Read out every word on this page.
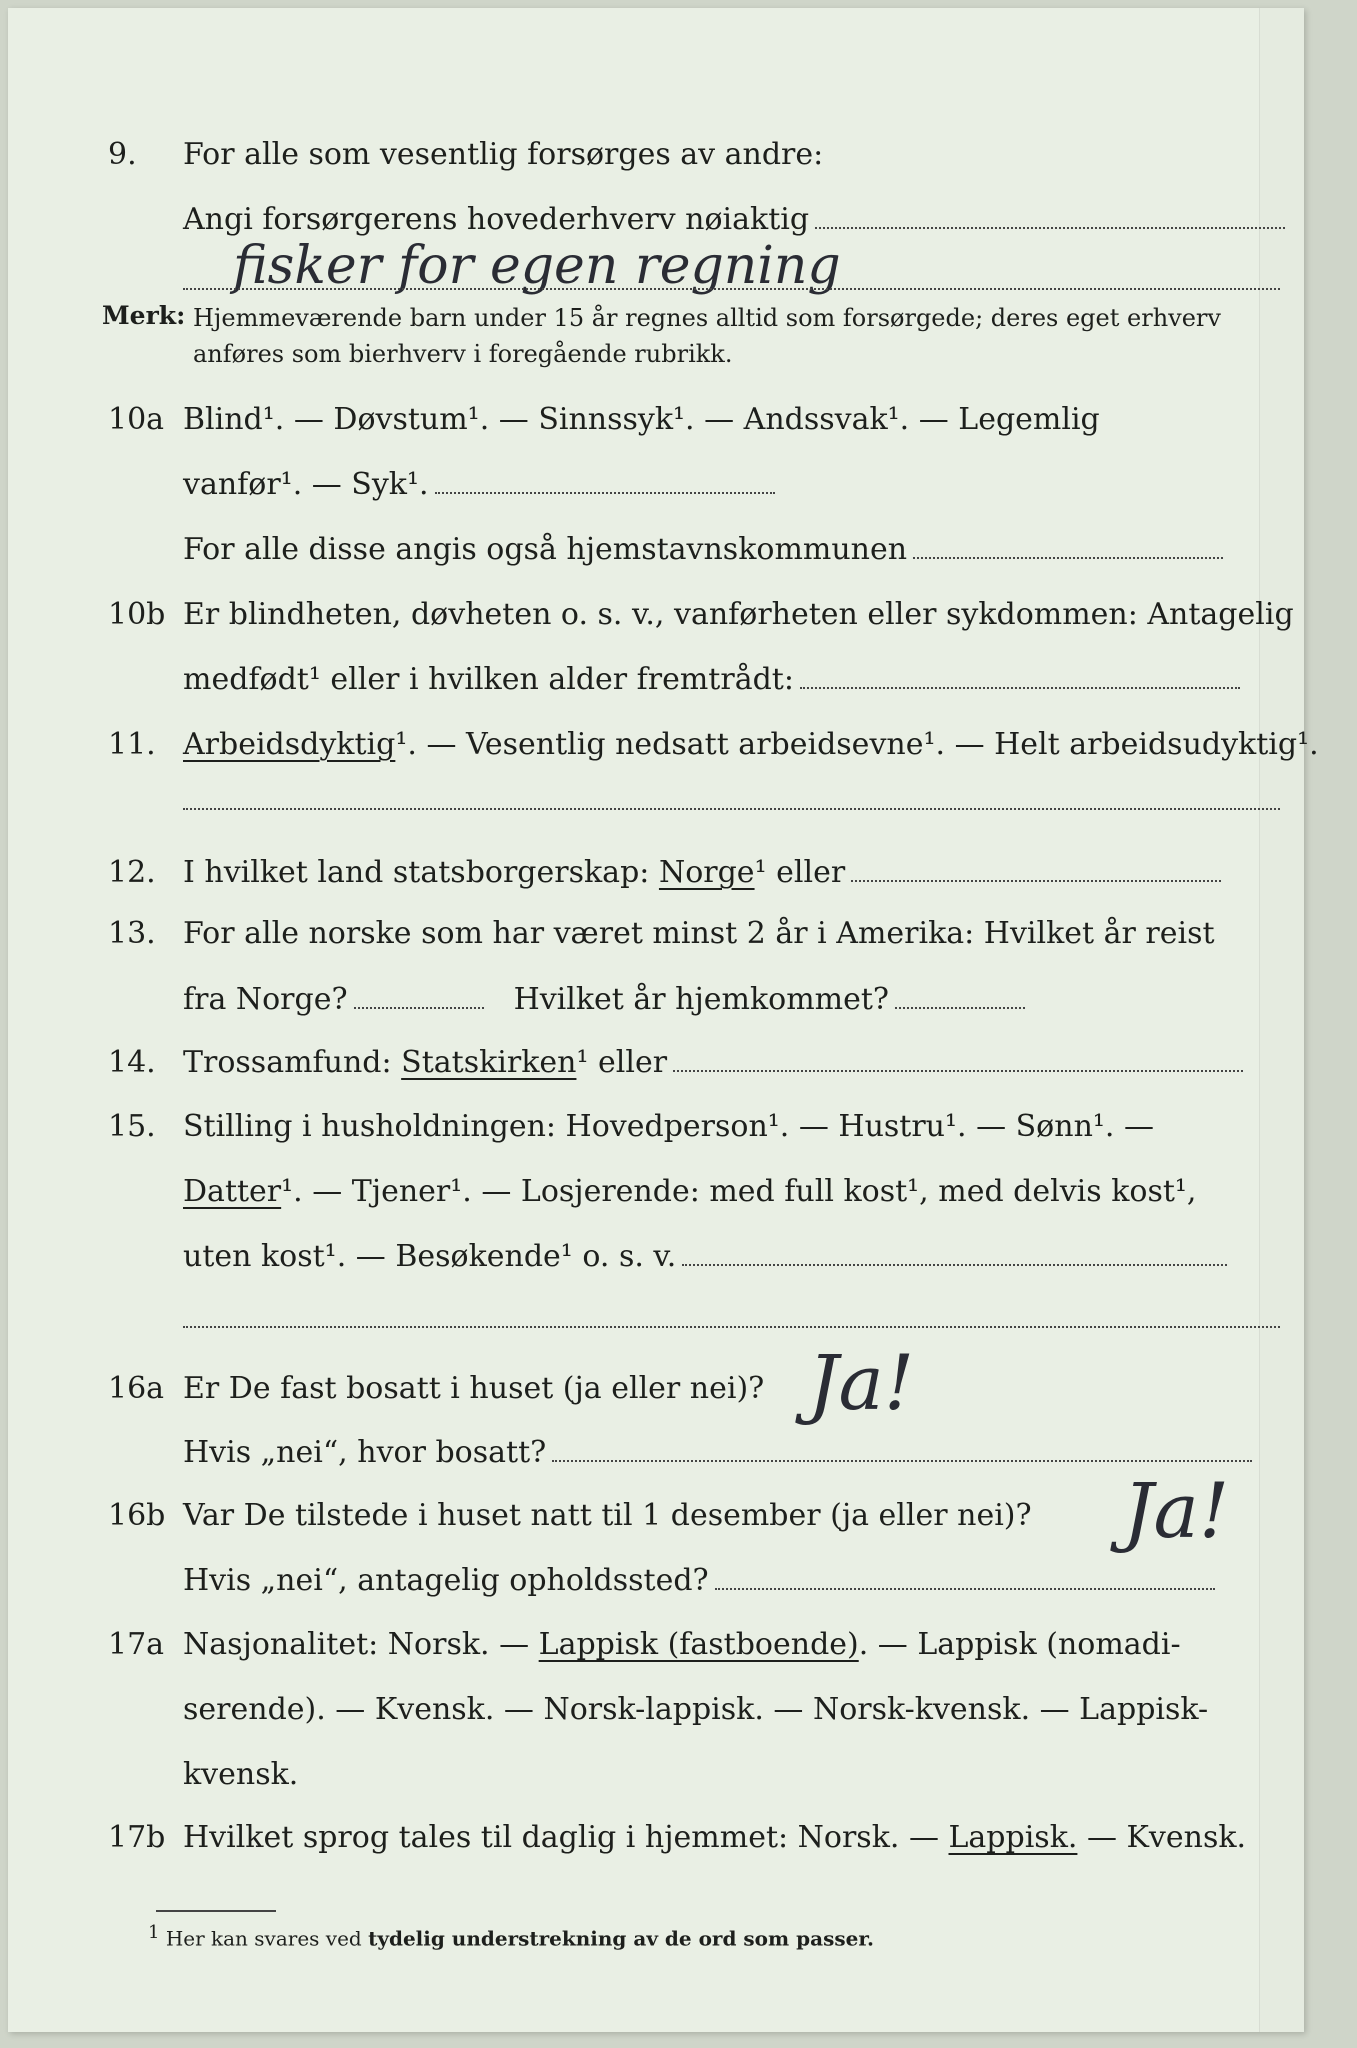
9. For alle som vesentlig forsørges av andre:
Angi forsørgerens hovederhverv nøiaktig
fisker for egen regning
Merk: Hjemmeværende barn under 15 år regnes alltid som forsørgede; deres eget erhverv anføres som bierhverv i foregående rubrikk.
10a Blind¹. — Døvstum¹. — Sinnssyk¹. — Andssvak¹. — Legemlig
vanfør¹. — Syk¹.
For alle disse angis også hjemstavnskommunen
10b Er blindheten, døvheten o. s. v., vanførheten eller sykdommen: Antagelig
medfødt¹ eller i hvilken alder fremtrådt:
11. Arbeidsdyktig¹. — Vesentlig nedsatt arbeidsevne¹. — Helt arbeidsudyktig¹.
12. I hvilket land statsborgerskap: Norge¹ eller
13. For alle norske som har været minst 2 år i Amerika: Hvilket år reist
fra Norge?	Hvilket år hjemkommet?
14. Trossamfund: Statskirken¹ eller
15. Stilling i husholdningen: Hovedperson¹. — Hustru¹. — Sønn¹. —
Datter¹. — Tjener¹. — Losjerende: med full kost¹, med delvis kost¹,
uten kost¹. — Besøkende¹ o. s. v.
16a Er De fast bosatt i huset (ja eller nei)? Ja!
Hvis „nei“, hvor bosatt?
16b Var De tilstede i huset natt til 1 desember (ja eller nei)?	Ja!
Hvis „nei“, antagelig opholdssted?
17a Nasjonalitet: Norsk. — Lappisk (fastboende). — Lappisk (nomadi-
serende). — Kvensk. — Norsk-lappisk. — Norsk-kvensk. — Lappisk-
kvensk.
17b Hvilket sprog tales til daglig i hjemmet: Norsk. — Lappisk. — Kvensk.
1 Her kan svares ved tydelig understrekning av de ord som passer.
